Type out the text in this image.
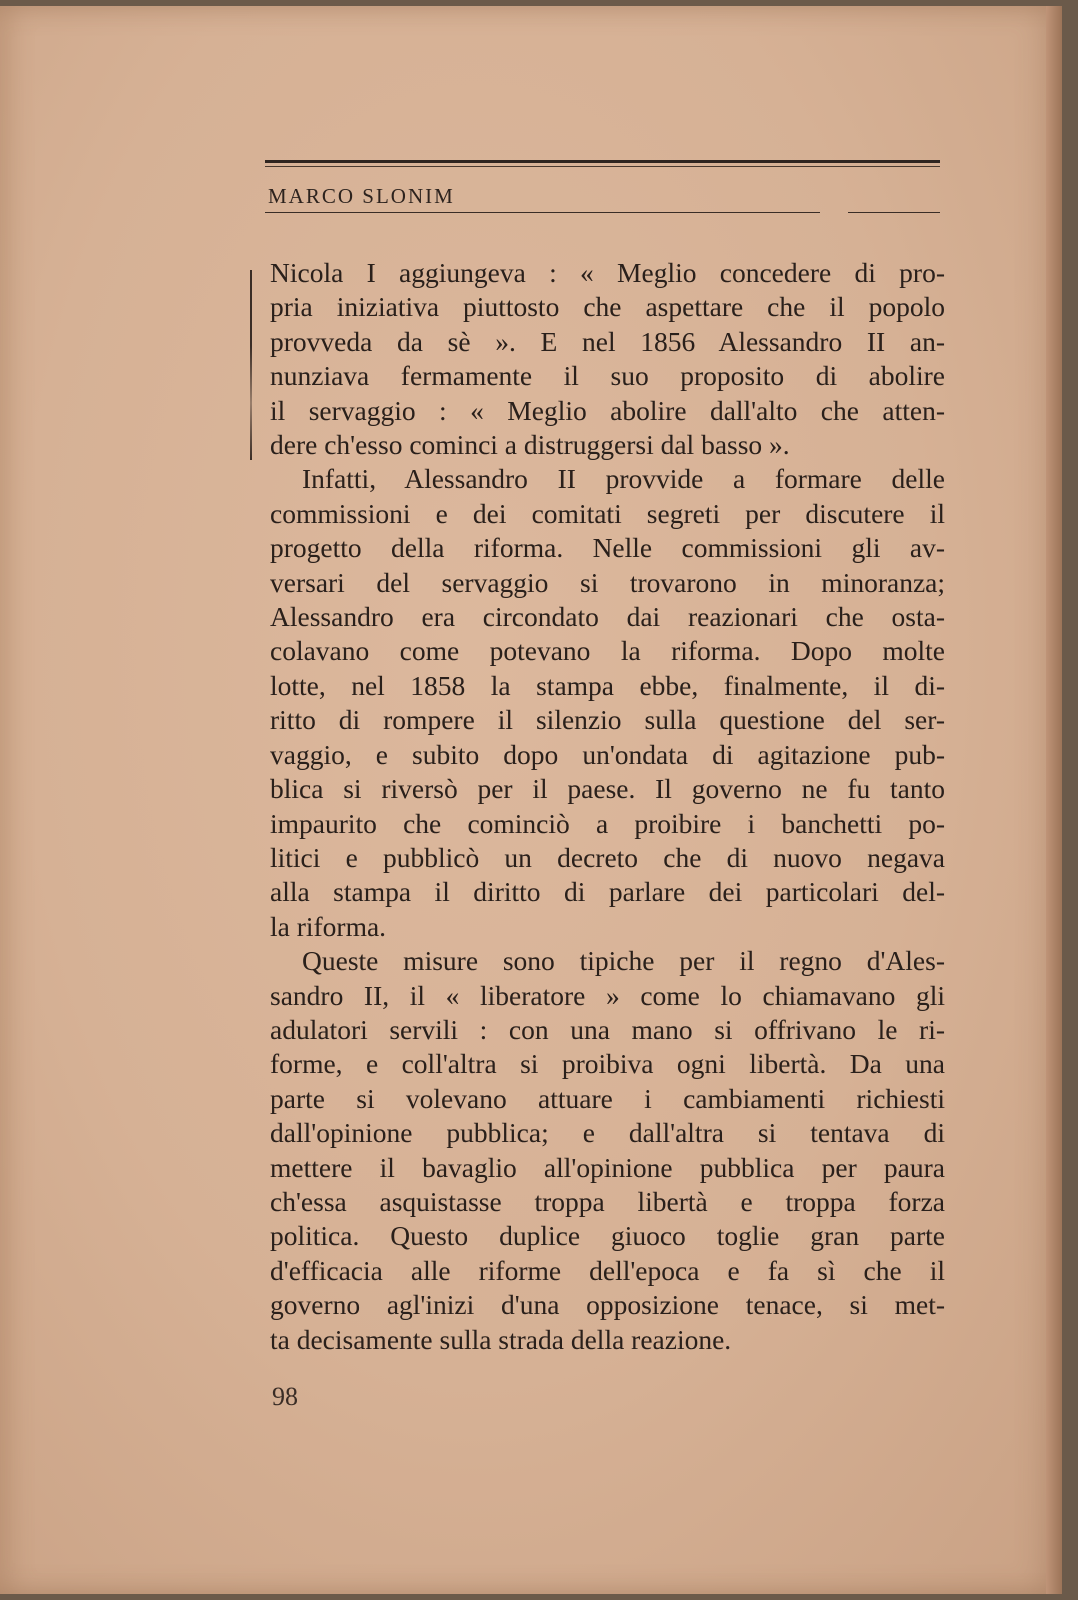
MARCO SLONIM

Nicola I aggiungeva : « Meglio concedere di pro-
pria iniziativa piuttosto che aspettare che il popolo
provveda da sè ». E nel 1856 Alessandro II an-
nunziava fermamente il suo proposito di abolire
il servaggio : « Meglio abolire dall'alto che atten-
dere ch'esso cominci a distruggersi dal basso ».

Infatti, Alessandro II provvide a formare delle
commissioni e dei comitati segreti per discutere il
progetto della riforma. Nelle commissioni gli av-
versari del servaggio si trovarono in minoranza;
Alessandro era circondato dai reazionari che osta-
colavano come potevano la riforma. Dopo molte
lotte, nel 1858 la stampa ebbe, finalmente, il di-
ritto di rompere il silenzio sulla questione del ser-
vaggio, e subito dopo un'ondata di agitazione pub-
blica si riversò per il paese. Il governo ne fu tanto
impaurito che cominciò a proibire i banchetti po-
litici e pubblicò un decreto che di nuovo negava
alla stampa il diritto di parlare dei particolari del-
la riforma.

Queste misure sono tipiche per il regno d'Ales-
sandro II, il « liberatore » come lo chiamavano gli
adulatori servili : con una mano si offrivano le ri-
forme, e coll'altra si proibiva ogni libertà. Da una
parte si volevano attuare i cambiamenti richiesti
dall'opinione pubblica; e dall'altra si tentava di
mettere il bavaglio all'opinione pubblica per paura
ch'essa asquistasse troppa libertà e troppa forza
politica. Questo duplice giuoco toglie gran parte
d'efficacia alle riforme dell'epoca e fa sì che il
governo agl'inizi d'una opposizione tenace, si met-
ta decisamente sulla strada della reazione.

98
